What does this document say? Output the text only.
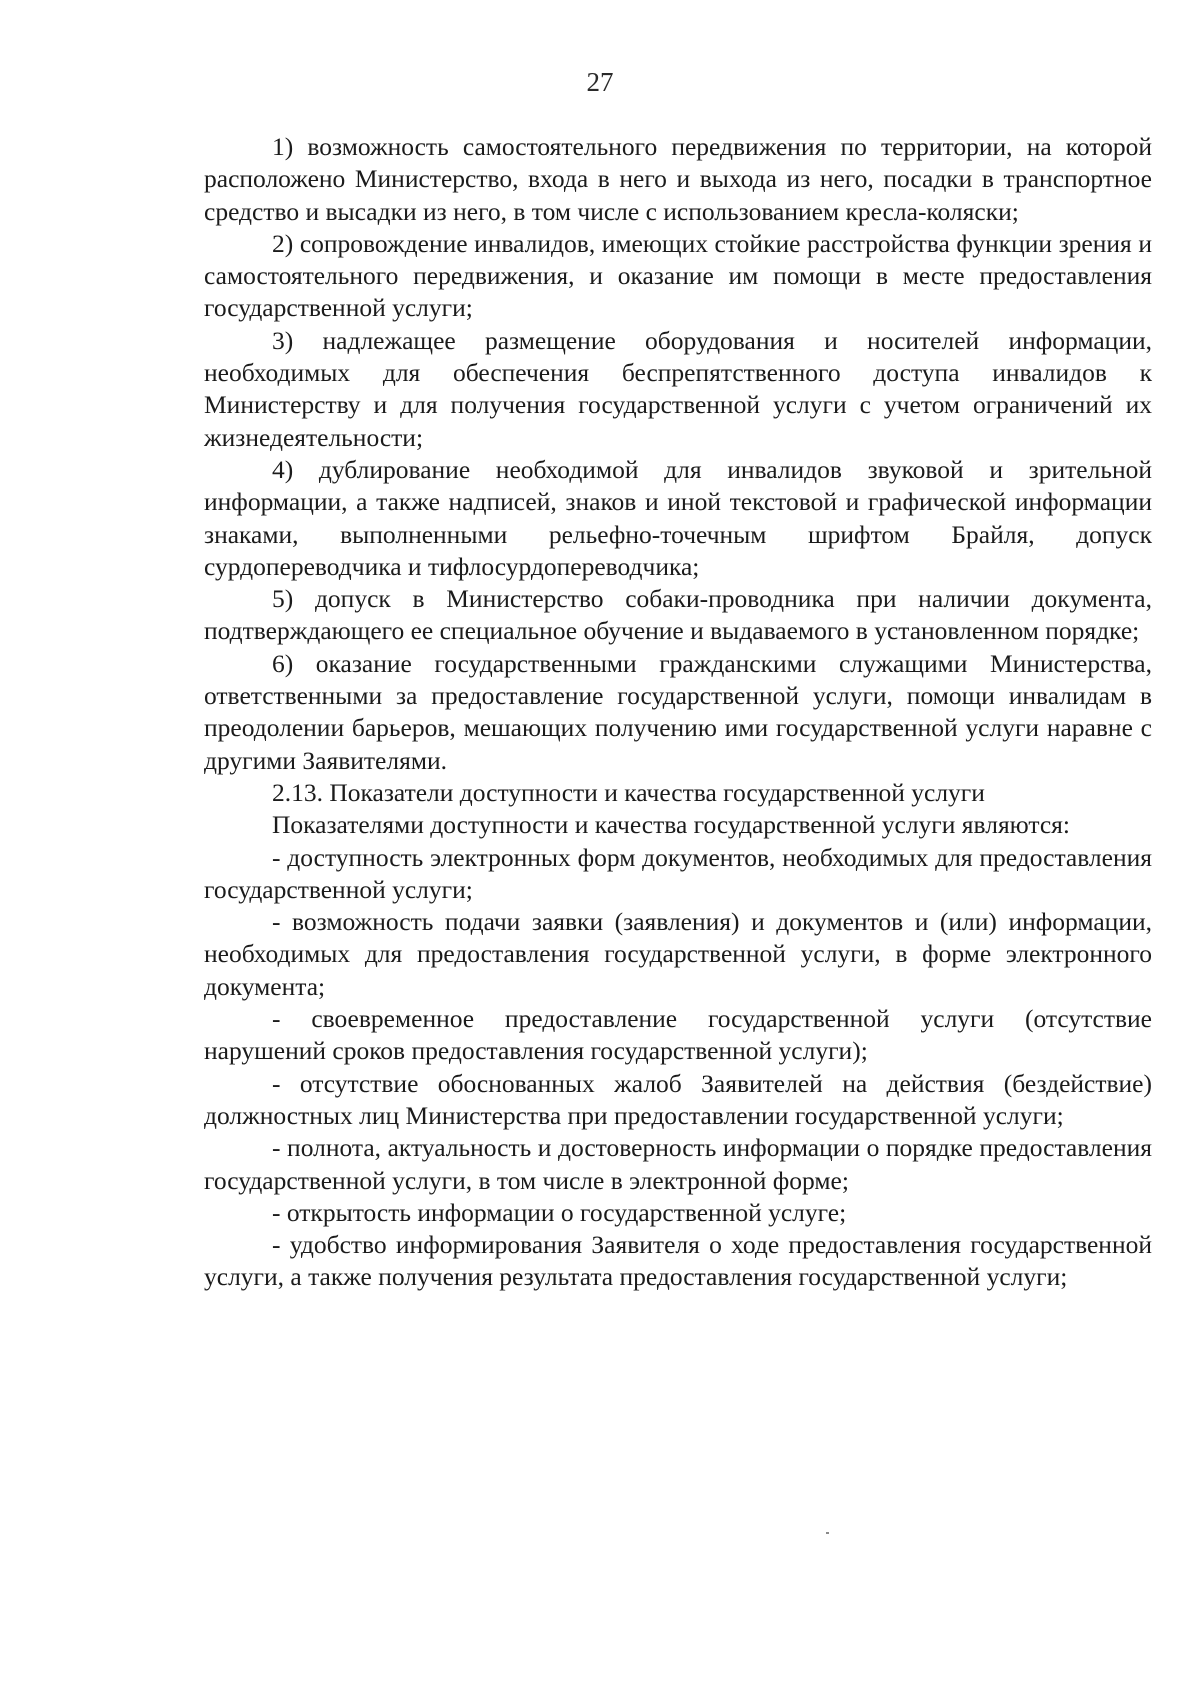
27

1) возможность самостоятельного передвижения по территории, на которой расположено Министерство, входа в него и выхода из него, посадки в транспортное средство и высадки из него, в том числе с использованием кресла-коляски;

2) сопровождение инвалидов, имеющих стойкие расстройства функции зрения и самостоятельного передвижения, и оказание им помощи в месте предоставления государственной услуги;

3) надлежащее размещение оборудования и носителей информации, необходимых для обеспечения беспрепятственного доступа инвалидов к Министерству и для получения государственной услуги с учетом ограничений их жизнедеятельности;

4) дублирование необходимой для инвалидов звуковой и зрительной информации, а также надписей, знаков и иной текстовой и графической информации знаками, выполненными рельефно-точечным шрифтом Брайля, допуск сурдопереводчика и тифлосурдопереводчика;

5) допуск в Министерство собаки-проводника при наличии документа, подтверждающего ее специальное обучение и выдаваемого в установленном порядке;

6) оказание государственными гражданскими служащими Министерства, ответственными за предоставление государственной услуги, помощи инвалидам в преодолении барьеров, мешающих получению ими государственной услуги наравне с другими Заявителями.

2.13. Показатели доступности и качества государственной услуги

Показателями доступности и качества государственной услуги являются:

- доступность электронных форм документов, необходимых для предоставления государственной услуги;

- возможность подачи заявки (заявления) и документов и (или) информации, необходимых для предоставления государственной услуги, в форме электронного документа;

- своевременное предоставление государственной услуги (отсутствие нарушений сроков предоставления государственной услуги);

- отсутствие обоснованных жалоб Заявителей на действия (бездействие) должностных лиц Министерства при предоставлении государственной услуги;

- полнота, актуальность и достоверность информации о порядке предоставления государственной услуги, в том числе в электронной форме;

- открытость информации о государственной услуге;

- удобство информирования Заявителя о ходе предоставления государственной услуги, а также получения результата предоставления государственной услуги;
